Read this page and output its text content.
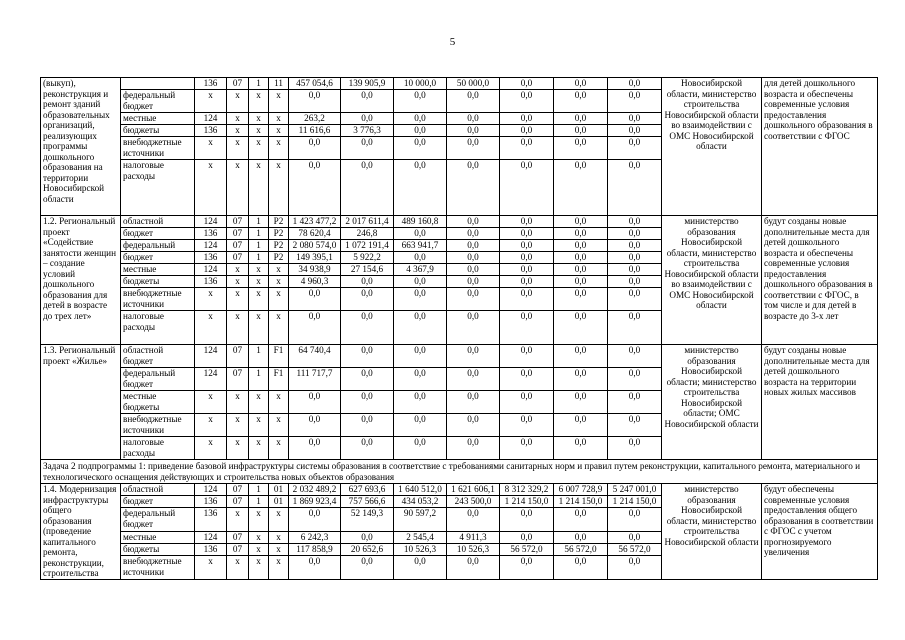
5
(выкуп), реконструкция и ремонт зданий образовательных организаций, реализующих программы дошкольного образования на территории Новосибирской области		136	07	1	11	457 054,6	139 905,9	10 000,0	50 000,0	0,0	0,0	0,0	Новосибирской области, министерство строительства Новосибирской области во взаимодействии с ОМС Новосибирской области	для детей дошкольного возраста и обеспечены современные условия предоставления дошкольного образования в соответствии с ФГОС
	федеральный бюджет	x	x	x	x	0,0	0,0	0,0	0,0	0,0	0,0	0,0		
	местные	124	x	x	x	263,2	0,0	0,0	0,0	0,0	0,0	0,0		
	бюджеты	136	x	x	x	11 616,6	3 776,3	0,0	0,0	0,0	0,0	0,0		
	внебюджетные источники	x	x	x	x	0,0	0,0	0,0	0,0	0,0	0,0	0,0		
	налоговые расходы	x	x	x	x	0,0	0,0	0,0	0,0	0,0	0,0	0,0		
1.2. Региональный проект «Содействие занятости женщин – создание условий дошкольного образования для детей в возрасте до трех лет»	областной	124	07	1	Р2	1 423 477,2	2 017 611,4	489 160,8	0,0	0,0	0,0	0,0	министерство образования Новосибирской области, министерство строительства Новосибирской области во взаимодействии с ОМС Новосибирской области	будут созданы новые дополнительные места для детей дошкольного возраста и обеспечены современные условия предоставления дошкольного образования в соответствии с ФГОС, в том числе и для детей в возрасте до 3-х лет
	бюджет	136	07	1	Р2	78 620,4	246,8	0,0	0,0	0,0	0,0	0,0		
	федеральный	124	07	1	Р2	2 080 574,0	1 072 191,4	663 941,7	0,0	0,0	0,0	0,0		
	бюджет	136	07	1	Р2	149 395,1	5 922,2	0,0	0,0	0,0	0,0	0,0		
	местные	124	x	x	x	34 938,9	27 154,6	4 367,9	0,0	0,0	0,0	0,0		
	бюджеты	136	x	x	x	4 960,3	0,0	0,0	0,0	0,0	0,0	0,0		
	внебюджетные источники	x	x	x	x	0,0	0,0	0,0	0,0	0,0	0,0	0,0		
	налоговые расходы	x	x	x	x	0,0	0,0	0,0	0,0	0,0	0,0	0,0		
1.3. Региональный проект «Жилье»	областной бюджет	124	07	1	F1	64 740,4	0,0	0,0	0,0	0,0	0,0	0,0	министерство образования Новосибирской области; министерство строительства Новосибирской области; ОМС Новосибирской области	будут созданы новые дополнительные места для детей дошкольного возраста на территории новых жилых массивов
	федеральный бюджет	124	07	1	F1	111 717,7	0,0	0,0	0,0	0,0	0,0	0,0		
	местные бюджеты	x	x	x	x	0,0	0,0	0,0	0,0	0,0	0,0	0,0		
	внебюджетные источники	x	x	x	x	0,0	0,0	0,0	0,0	0,0	0,0	0,0		
	налоговые расходы	x	x	x	x	0,0	0,0	0,0	0,0	0,0	0,0	0,0		
Задача 2 подпрограммы 1: приведение базовой инфраструктуры системы образования в соответствие с требованиями санитарных норм и правил путем реконструкции, капитального ремонта, материального и технологического оснащения действующих и строительства новых объектов образования														
1.4. Модернизация инфраструктуры общего образования (проведение капитального ремонта, реконструкции, строительства	областной	124	07	1	01	2 032 489,2	627 693,6	1 640 512,0	1 621 606,1	8 312 329,2	6 007 728,9	5 247 001,0	министерство образования Новосибирской области, министерство строительства Новосибирской области	будут обеспечены современные условия предоставления общего образования в соответствии с ФГОС с учетом прогнозируемого увеличения
	бюджет	136	07	1	01	1 869 923,4	757 566,6	434 053,2	243 500,0	1 214 150,0	1 214 150,0	1 214 150,0		
	федеральный бюджет	136	x	x	x	0,0	52 149,3	90 597,2	0,0	0,0	0,0	0,0		
	местные	124	07	x	x	6 242,3	0,0	2 545,4	4 911,3	0,0	0,0	0,0		
	бюджеты	136	07	x	x	117 858,9	20 652,6	10 526,3	10 526,3	56 572,0	56 572,0	56 572,0		
	внебюджетные источники	x	x	x	x	0,0	0,0	0,0	0,0	0,0	0,0	0,0		
